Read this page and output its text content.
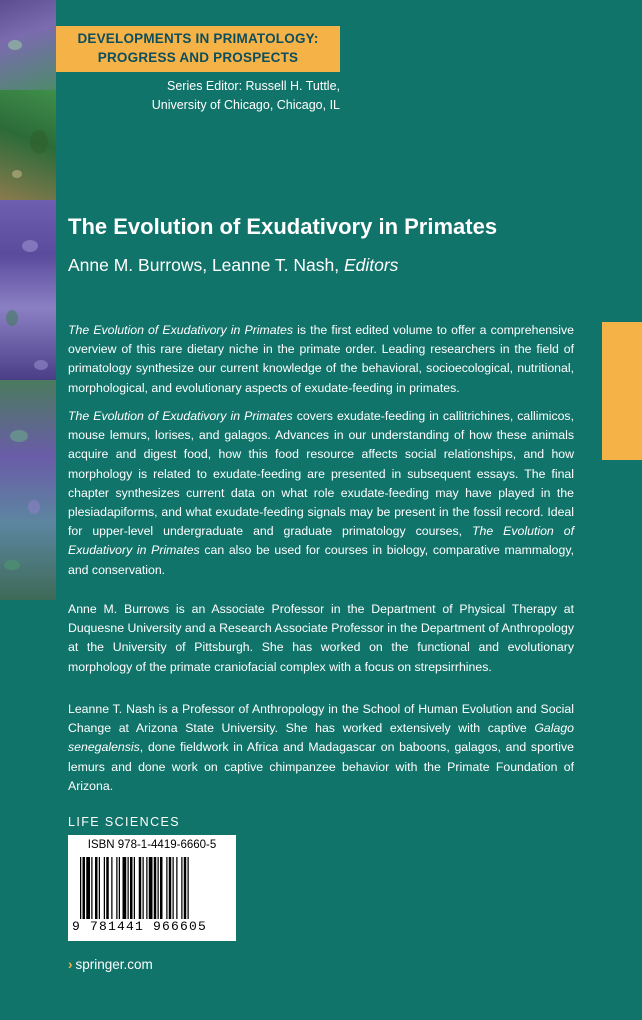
DEVELOPMENTS IN PRIMATOLOGY:
PROGRESS AND PROSPECTS
Series Editor: Russell H. Tuttle,
University of Chicago, Chicago, IL
The Evolution of Exudativory in Primates
Anne M. Burrows, Leanne T. Nash, Editors
The Evolution of Exudativory in Primates is the first edited volume to offer a comprehensive overview of this rare dietary niche in the primate order. Leading researchers in the field of primatology synthesize our current knowledge of the behavioral, socioecological, nutritional, morphological, and evolutionary aspects of exudate-feeding in primates.
The Evolution of Exudativory in Primates covers exudate-feeding in callitrichines, callimicos, mouse lemurs, lorises, and galagos. Advances in our understanding of how these animals acquire and digest food, how this food resource affects social relationships, and how morphology is related to exudate-feeding are presented in subsequent essays. The final chapter synthesizes current data on what role exudate-feeding may have played in the plesiadapiforms, and what exudate-feeding signals may be present in the fossil record. Ideal for upper-level undergraduate and graduate primatology courses, The Evolution of Exudativory in Primates can also be used for courses in biology, comparative mammalogy, and conservation.
Anne M. Burrows is an Associate Professor in the Department of Physical Therapy at Duquesne University and a Research Associate Professor in the Department of Anthropology at the University of Pittsburgh. She has worked on the functional and evolutionary morphology of the primate craniofacial complex with a focus on strepsirrhines.
Leanne T. Nash is a Professor of Anthropology in the School of Human Evolution and Social Change at Arizona State University. She has worked extensively with captive Galago senegalensis, done fieldwork in Africa and Madagascar on baboons, galagos, and sportive lemurs and done work on captive chimpanzee behavior with the Primate Foundation of Arizona.
LIFE SCIENCES
ISBN 978-1-4419-6660-5
9 781441 966605
› springer.com
